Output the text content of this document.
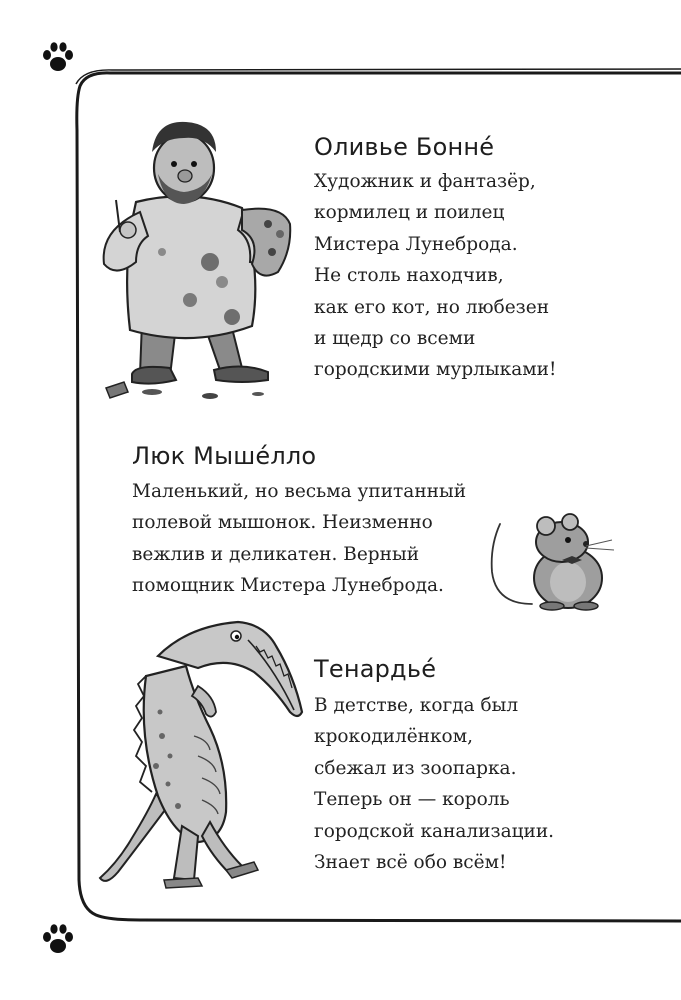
Оливье Бонне́

Художник и фантазёр,
кормилец и поилец
Мистера Лунеброда.
Не столь находчив,
как его кот, но любезен
и щедр со всеми
городскими мурлыками!

Люк Мыше́лло

Маленький, но весьма упитанный
полевой мышонок. Неизменно
вежлив и деликатен. Верный
помощник Мистера Лунеброда.

Тенардье́

В детстве, когда был
крокодилёнком,
сбежал из зоопарка.
Теперь он — король
городской канализации.
Знает всё обо всём!
